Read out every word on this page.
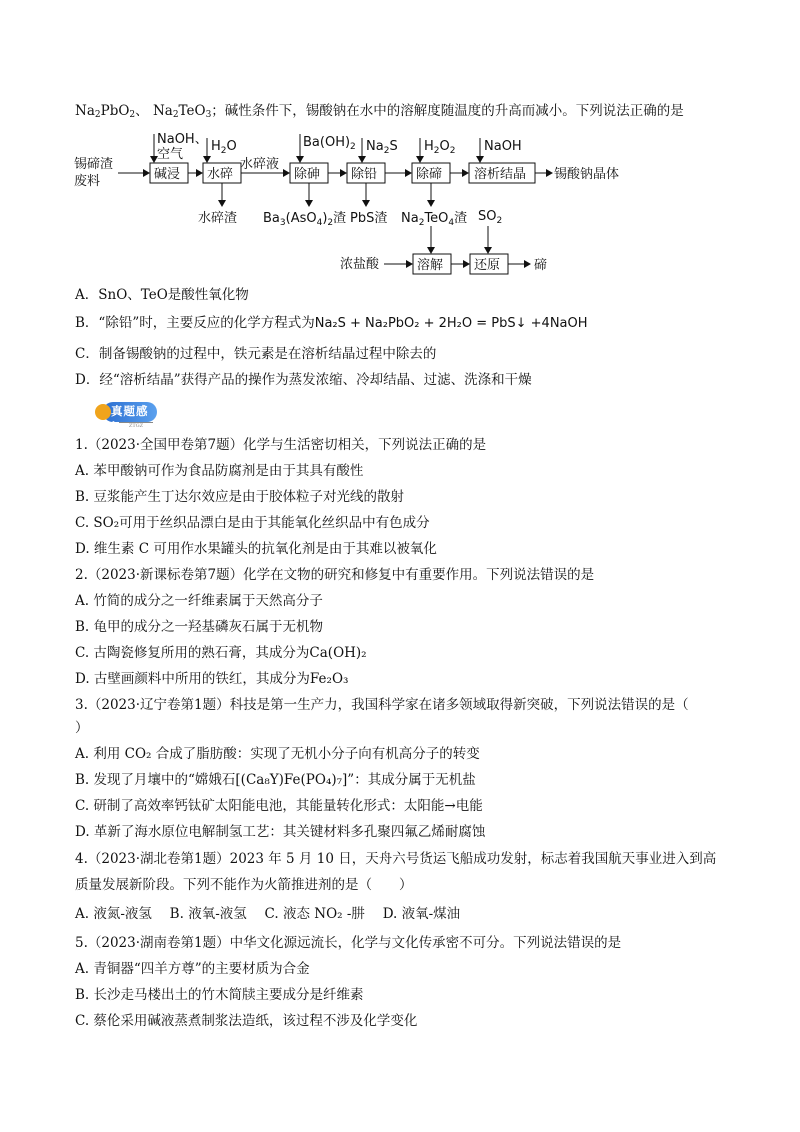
$Na_2PbO_2$、 $Na_2TeO_3$；碱性条件下，锡酸钠在水中的溶解度随温度的升高而减小。下列说法正确的是
锡碲渣
废料	碱浸 水碎
水碎液
除砷 除铅	除碲 溶析结晶 锡酸钠晶体
NaOH、
空气
$H_2O$	$Ba(OH)_2$ $Na_2S$ $H_2O_2$ NaOH
水碎渣 $Ba_3(AsO_4)_2$渣 PbS渣 $Na_2TeO_4$渣 $SO_2$
浓盐酸	溶解 还原	碲
A．SnO、TeO是酸性氧化物
B．“除铅”时，主要反应的化学方程式为Na₂S + Na₂PbO₂ + 2H₂O = PbS↓ +4NaOH
C．制备锡酸钠的过程中，铁元素是在溶析结晶过程中除去的
D．经“溶析结晶”获得产品的操作为蒸发浓缩、冷却结晶、过滤、洗涤和干燥
真题感知	ZTGZ
1.（2023·全国甲卷第7题）化学与生活密切相关，下列说法正确的是
A. 苯甲酸钠可作为食品防腐剂是由于其具有酸性
B. 豆浆能产生丁达尔效应是由于胶体粒子对光线的散射
C. SO₂可用于丝织品漂白是由于其能氧化丝织品中有色成分
D. 维生素 C 可用作水果罐头的抗氧化剂是由于其难以被氧化
2.（2023·新课标卷第7题）化学在文物的研究和修复中有重要作用。下列说法错误的是
A. 竹简的成分之一纤维素属于天然高分子
B. 龟甲的成分之一羟基磷灰石属于无机物
C. 古陶瓷修复所用的熟石膏，其成分为Ca(OH)₂
D. 古壁画颜料中所用的铁红，其成分为Fe₂O₃
3.（2023·辽宁卷第1题）科技是第一生产力，我国科学家在诸多领域取得新突破，下列说法错误的是（
）
A. 利用 CO₂ 合成了脂肪酸：实现了无机小分子向有机高分子的转变
B. 发现了月壤中的“嫦娥石[(Ca₈Y)Fe(PO₄)₇]”：其成分属于无机盐
C. 研制了高效率钙钛矿太阳能电池，其能量转化形式：太阳能→电能
D. 革新了海水原位电解制氢工艺：其关键材料多孔聚四氟乙烯耐腐蚀
4.（2023·湖北卷第1题）2023 年 5 月 10 日，天舟六号货运飞船成功发射，标志着我国航天事业进入到高
质量发展新阶段。下列不能作为火箭推进剂的是（　　）
A. 液氮-液氢　 B. 液氧-液氢　 C. 液态 NO₂ -肼　 D. 液氧-煤油
5.（2023·湖南卷第1题）中华文化源远流长，化学与文化传承密不可分。下列说法错误的是
A. 青铜器“四羊方尊”的主要材质为合金
B. 长沙走马楼出土的竹木简牍主要成分是纤维素
C. 蔡伦采用碱液蒸煮制浆法造纸，该过程不涉及化学变化
